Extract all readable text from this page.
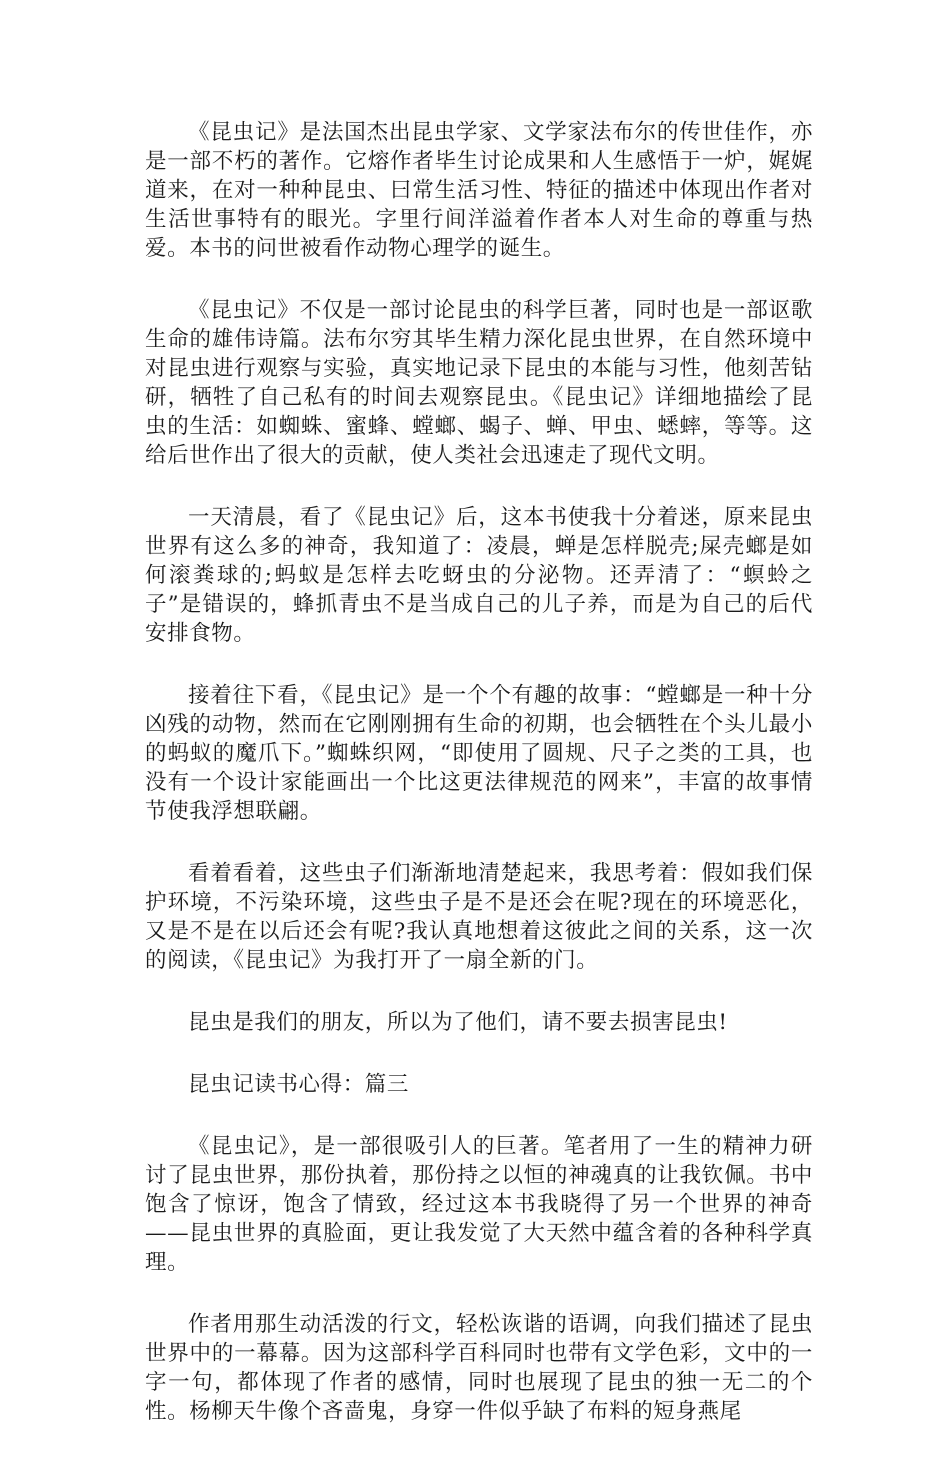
《昆虫记》是法国杰出昆虫学家、文学家法布尔的传世佳作，亦是一部不朽的著作。它熔作者毕生讨论成果和人生感悟于一炉，娓娓道来，在对一种种昆虫、曰常生活习性、特征的描述中体现出作者对生活世事特有的眼光。字里行间洋溢着作者本人对生命的尊重与热爱。本书的问世被看作动物心理学的诞生。

《昆虫记》不仅是一部讨论昆虫的科学巨著，同时也是一部讴歌生命的雄伟诗篇。法布尔穷其毕生精力深化昆虫世界，在自然环境中对昆虫进行观察与实验，真实地记录下昆虫的本能与习性，他刻苦钻研，牺牲了自己私有的时间去观察昆虫。《昆虫记》详细地描绘了昆虫的生活：如蜘蛛、蜜蜂、螳螂、蝎子、蝉、甲虫、蟋蟀，等等。这给后世作出了很大的贡献，使人类社会迅速走了现代文明。

一天清晨，看了《昆虫记》后，这本书使我十分着迷，原来昆虫世界有这么多的神奇，我知道了：凌晨，蝉是怎样脱壳;屎壳螂是如何滚粪球的;蚂蚁是怎样去吃蚜虫的分泌物。还弄清了：“螟蛉之子”是错误的，蜂抓青虫不是当成自己的儿子养，而是为自己的后代安排食物。

接着往下看，《昆虫记》是一个个有趣的故事：“螳螂是一种十分凶残的动物，然而在它刚刚拥有生命的初期，也会牺牲在个头儿最小的蚂蚁的魔爪下。”蜘蛛织网，“即使用了圆规、尺子之类的工具，也没有一个设计家能画出一个比这更法律规范的网来”，丰富的故事情节使我浮想联翩。

看着看着，这些虫子们渐渐地清楚起来，我思考着：假如我们保护环境，不污染环境，这些虫子是不是还会在呢?现在的环境恶化，又是不是在以后还会有呢?我认真地想着这彼此之间的关系，这一次的阅读，《昆虫记》为我打开了一扇全新的门。

昆虫是我们的朋友，所以为了他们，请不要去损害昆虫!

昆虫记读书心得：篇三

《昆虫记》，是一部很吸引人的巨著。笔者用了一生的精神力研讨了昆虫世界，那份执着，那份持之以恒的神魂真的让我钦佩。书中饱含了惊讶，饱含了情致，经过这本书我晓得了另一个世界的神奇——昆虫世界的真脸面，更让我发觉了大天然中蕴含着的各种科学真理。

作者用那生动活泼的行文，轻松诙谐的语调，向我们描述了昆虫世界中的一幕幕。因为这部科学百科同时也带有文学色彩，文中的一字一句，都体现了作者的感情，同时也展现了昆虫的独一无二的个性。杨柳天牛像个吝啬鬼，身穿一件似乎缺了布料的短身燕尾
